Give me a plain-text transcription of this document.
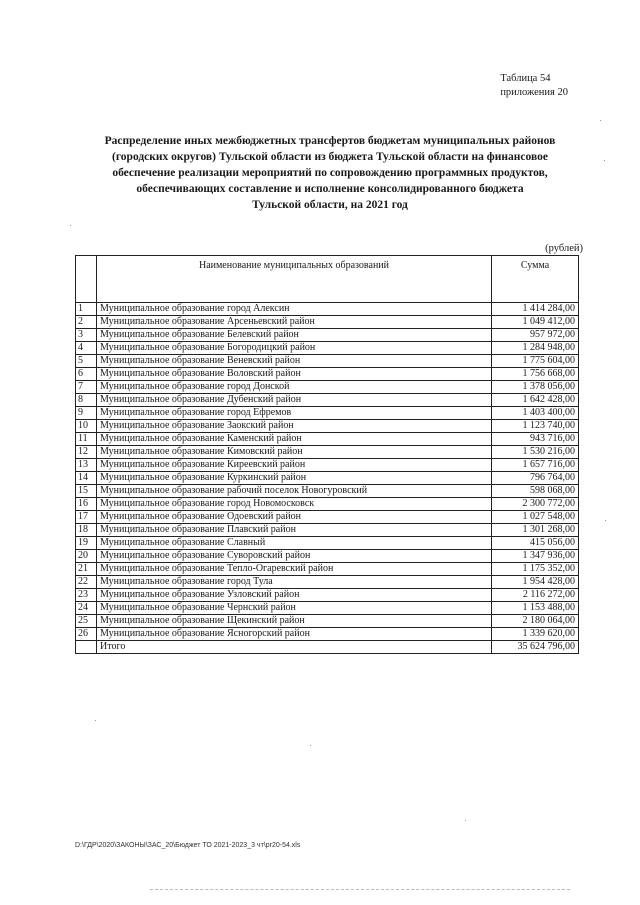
Таблица 54
приложения 20
Распределение иных межбюджетных трансфертов бюджетам муниципальных районов
(городских округов) Тульской области из бюджета Тульской области на финансовое
обеспечение реализации мероприятий по сопровождению программных продуктов,
обеспечивающих составление и исполнение консолидированного бюджета
Тульской области, на 2021 год
(рублей)
	Наименование муниципальных образований	Сумма
1	Муниципальное образование город Алексин	1 414 284,00
2	Муниципальное образование Арсеньевский район	1 049 412,00
3	Муниципальное образование Белевский район	957 972,00
4	Муниципальное образование Богородицкий район	1 284 948,00
5	Муниципальное образование Веневский район	1 775 604,00
6	Муниципальное образование Воловский район	1 756 668,00
7	Муниципальное образование город Донской	1 378 056,00
8	Муниципальное образование Дубенский район	1 642 428,00
9	Муниципальное образование город Ефремов	1 403 400,00
10	Муниципальное образование Заокский район	1 123 740,00
11	Муниципальное образование Каменский район	943 716,00
12	Муниципальное образование Кимовский район	1 530 216,00
13	Муниципальное образование Киреевский район	1 657 716,00
14	Муниципальное образование Куркинский район	796 764,00
15	Муниципальное образование рабочий поселок Новогуровский	598 068,00
16	Муниципальное образование город Новомосковск	2 300 772,00
17	Муниципальное образование Одоевский район	1 027 548,00
18	Муниципальное образование Плавский район	1 301 268,00
19	Муниципальное образование Славный	415 056,00
20	Муниципальное образование Суворовский район	1 347 936,00
21	Муниципальное образование Тепло-Огаревский район	1 175 352,00
22	Муниципальное образование город Тула	1 954 428,00
23	Муниципальное образование Узловский район	2 116 272,00
24	Муниципальное образование Чернский район	1 153 488,00
25	Муниципальное образование Щекинский район	2 180 064,00
26	Муниципальное образование Ясногорский район	1 339 620,00
	Итого	35 624 796,00
D:\ГДР\2020\ЗАКОНЫ\ЗАС_20\Бюджет ТО 2021-2023_3 чт\pr20-54.xls
